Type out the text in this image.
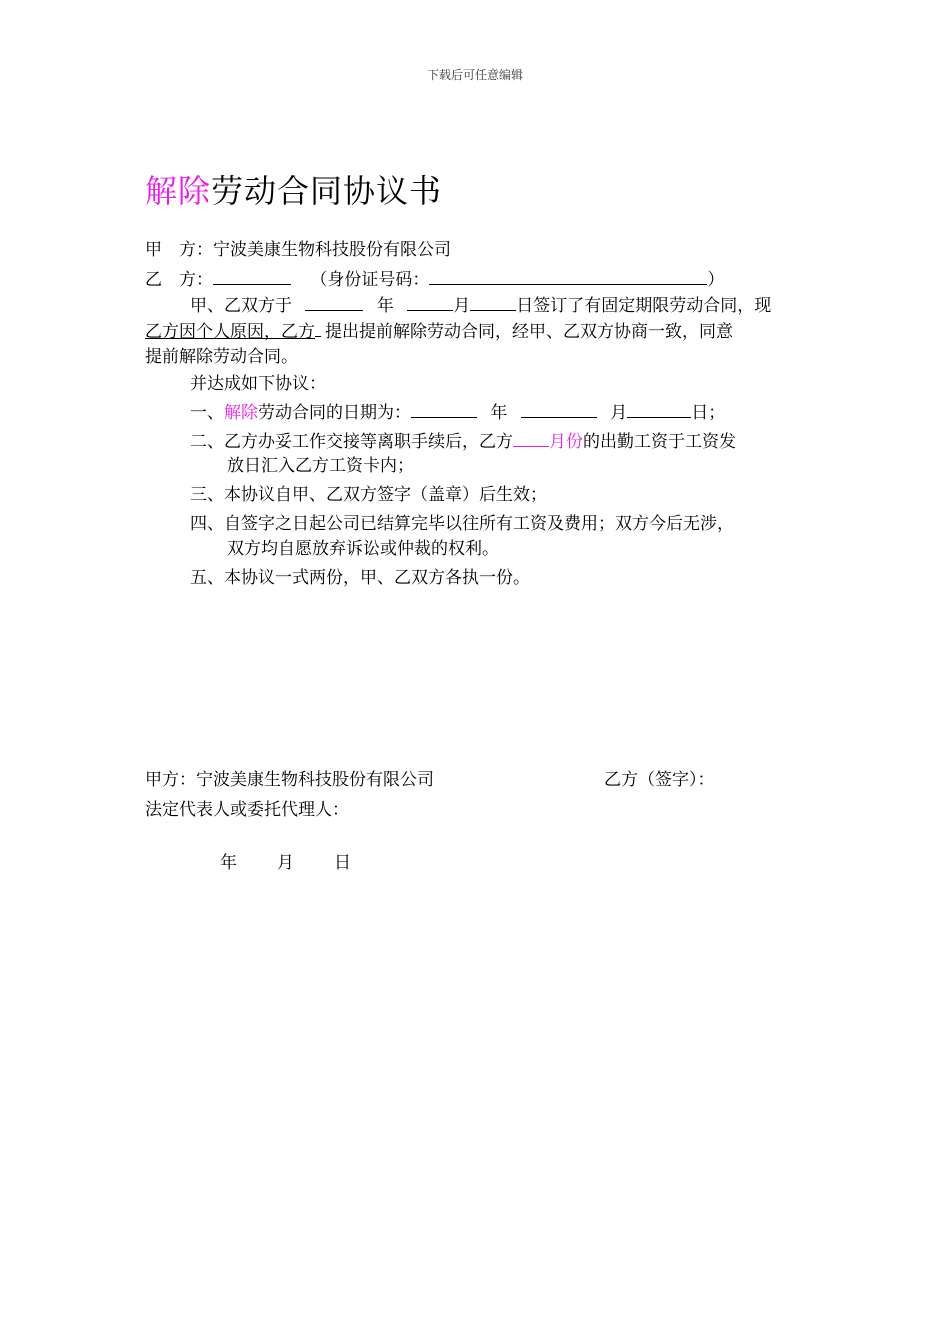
下载后可任意编辑
解除劳动合同协议书
甲　方：宁波美康生物科技股份有限公司
乙　方：	（身份证号码：	）
甲、乙双方于	年	月	日签订了有固定期限劳动合同，现
乙方因个人原因，乙方 提出提前解除劳动合同，经甲、乙双方协商一致，同意
提前解除劳动合同。
并达成如下协议：
一、解除劳动合同的日期为：	年	月	日；
二、乙方办妥工作交接等离职手续后，乙方 月份的出勤工资于工资发
放日汇入乙方工资卡内；
三、本协议自甲、乙双方签字（盖章）后生效；
四、自签字之日起公司已结算完毕以往所有工资及费用；双方今后无涉，
双方均自愿放弃诉讼或仲裁的权利。
五、本协议一式两份，甲、乙双方各执一份。
甲方：宁波美康生物科技股份有限公司	乙方（签字）：
法定代表人或委托代理人：
年 月 日
